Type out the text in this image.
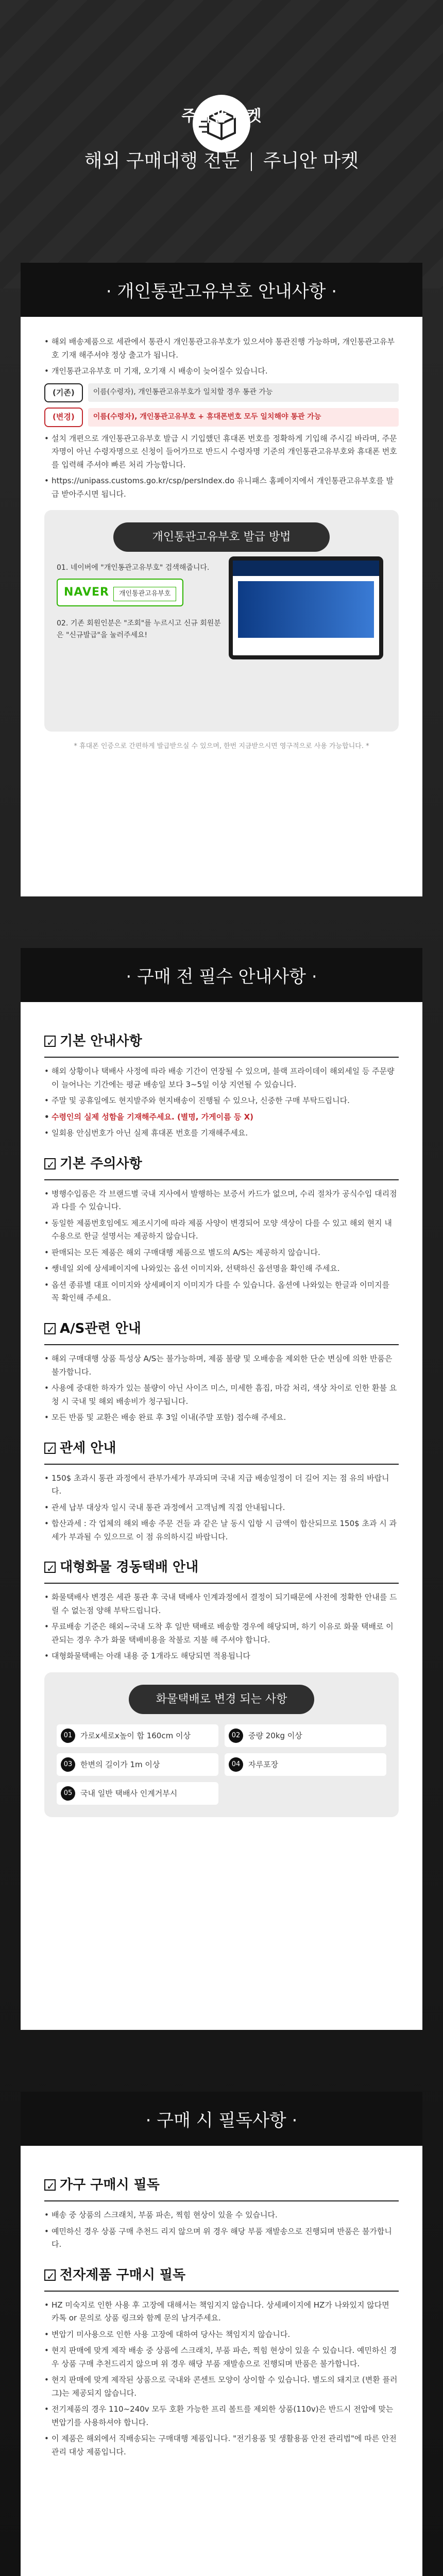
주니안 마켓
해외 구매대행 전문 주니안 마켓
· 개인통관고유부호 안내사항 ·
• 해외 배송제품으로 세관에서 통관시 개인통관고유부호가 있으셔야 통관진행 가능하며, 개인통관고유부호 기재 해주셔야 정상 출고가 됩니다.
• 개인통관고유부호 미 기재, 오기재 시 배송이 늦어질수 있습니다.
(기존)	이름(수령자), 개인통관고유부호가 일치할 경우 통관 가능
(변경)	이름(수령자), 개인통관고유부호 + 휴대폰번호 모두 일치해야 통관 가능
• 설치 개편으로 개인통관고유부호 발급 시 기입했던 휴대폰 번호를 정확하게 기입해 주시길 바라며, 주문자명이 아닌 수령자명으로 신청이 들어가므로 반드시 수령자명 기준의 개인통관고유부호와 휴대폰 번호를 입력해 주셔야 빠른 처리 가능합니다.
• https://unipass.customs.go.kr/csp/persIndex.do 유니패스 홈페이지에서 개인통관고유부호를 발급 받아주시면 됩니다.
개인통관고유부호 발급 방법
01. 네이버에 "개인통관고유부호" 검색해줍니다.
NAVER 개인통관고유부호
02. 기존 회원인분은 "조회"를 누르시고 신규 회원분은 "신규발급"을 눌러주세요!
* 휴대폰 인증으로 간편하게 발급받으실 수 있으며, 한번 지금받으시면 영구적으로 사용 가능합니다. *
· 구매 전 필수 안내사항 ·
✓기본 안내사항
• 해외 상황이나 택배사 사정에 따라 배송 기간이 연장될 수 있으며, 블랙 프라이데이 해외세일 등 주문량이 늘어나는 기간에는 평균 배송일 보다 3~5일 이상 지연될 수 있습니다.
• 주말 및 공휴일에도 현지발주와 현지배송이 진행될 수 있으나, 신중한 구매 부탁드립니다.
• 수령인의 실제 성함을 기재해주세요. (별명, 가게이름 등 X)
• 일회용 안심번호가 아닌 실제 휴대폰 번호를 기재해주세요.
✓기본 주의사항
• 병행수입품은 각 브랜드별 국내 지사에서 발행하는 보증서 카드가 없으며, 수리 절차가 공식수입 대리점과 다를 수 있습니다.
• 동일한 제품번호임에도 제조시기에 따라 제품 사양이 변경되어 모양 색상이 다를 수 있고 해외 현지 내수용으로 한글 설명서는 제공하지 않습니다.
• 판매되는 모든 제품은 해외 구매대행 제품으로 별도의 A/S는 제공하지 않습니다.
• 쌩네일 외에 상세페이지에 나와있는 옵션 이미지와, 선택하신 옵션명을 확인해 주세요.
• 옵션 종류별 대표 이미지와 상세페이지 이미지가 다를 수 있습니다. 옵션에 나와있는 한글과 이미지를 꼭 확인해 주세요.
✓A/S관련 안내
• 해외 구매대행 상품 특성상 A/S는 불가능하며, 제품 불량 및 오배송을 제외한 단순 변심에 의한 반품은 불가합니다.
• 사용에 중대한 하자가 있는 불량이 아닌 사이즈 미스, 미세한 흠집, 마감 처리, 색상 차이로 인한 환불 요청 시 국내 및 해외 배송비가 청구됩니다.
• 모든 반품 및 교환은 배송 완료 후 3일 이내(주말 포함) 접수해 주세요.
✓관세 안내
• 150$ 초과시 통관 과정에서 관부가세가 부과되며 국내 지급 배송일정이 더 길어 지는 점 유의 바랍니다.
• 관세 납부 대상자 일시 국내 통관 과정에서 고객님께 직접 안내됩니다.
• 합산과세 : 각 업체의 해외 배송 주문 건들 과 같은 날 동시 입항 시 금액이 합산되므로 150$ 초과 시 과세가 부과될 수 있으므로 이 점 유의하시길 바랍니다.
✓대형화물 경동택배 안내
• 화물택배사 변경은 세관 통관 후 국내 택배사 인계과정에서 결정이 되기때문에 사전에 정확한 안내를 드릴 수 없는점 양해 부탁드립니다.
• 무료배송 기준은 해외~국내 도착 후 일반 택배로 배송할 경우에 해당되며, 하기 이유로 화물 택배로 이관되는 경우 추가 화물 택배비용을 착불로 지불 해 주셔야 합니다.
• 대형화물택배는 아래 내용 중 1개라도 해당되면 적용됩니다
화물택배로 변경 되는 사항
01	가로x세로x높이 합 160cm 이상	02	중량 20kg 이상
03	한변의 길이가 1m 이상	04	자루포장
05	국내 일반 택배사 인계거부시
· 구매 시 필독사항 ·
✓가구 구매시 필독
• 배송 중 상품의 스크래치, 부품 파손, 찍힘 현상이 있을 수 있습니다.
• 예민하신 경우 상품 구매 추천드 리지 않으며 위 경우 해당 부품 재발송으로 진행되며 반품은 불가합니다.
✓전자제품 구매시 필독
• HZ 미숙지로 인한 사용 후 고장에 대해서는 책임지지 않습니다. 상세페이지에 HZ가 나와있지 않다면 카톡 or 문의로 상품 링크와 함께 문의 남겨주세요.
• 변압기 미사용으로 인한 사용 고장에 대하여 당사는 책임지지 않습니다.
• 현지 판매에 맞게 제작 배송 중 상품에 스크래치, 부품 파손, 찍힘 현상이 있을 수 있습니다. 예민하신 경우 상품 구매 추천드리지 않으며 위 경우 해당 부품 재발송으로 진행되며 반품은 불가합니다.
• 현지 판매에 맞게 제작된 상품으로 국내와 콘센트 모양이 상이할 수 있습니다. 별도의 돼지코 (변환 플러그)는 제공되지 않습니다.
• 전기제품의 경우 110~240v 모두 호환 가능한 프리 볼트를 제외한 상품(110v)은 반드시 전압에 맞는 변압기를 사용하셔야 합니다.
• 이 제품은 해외에서 직배송되는 구매대행 제품입니다. "전기용품 및 생활용품 안전 관리법"에 따른 안전 관리 대상 제품입니다.
